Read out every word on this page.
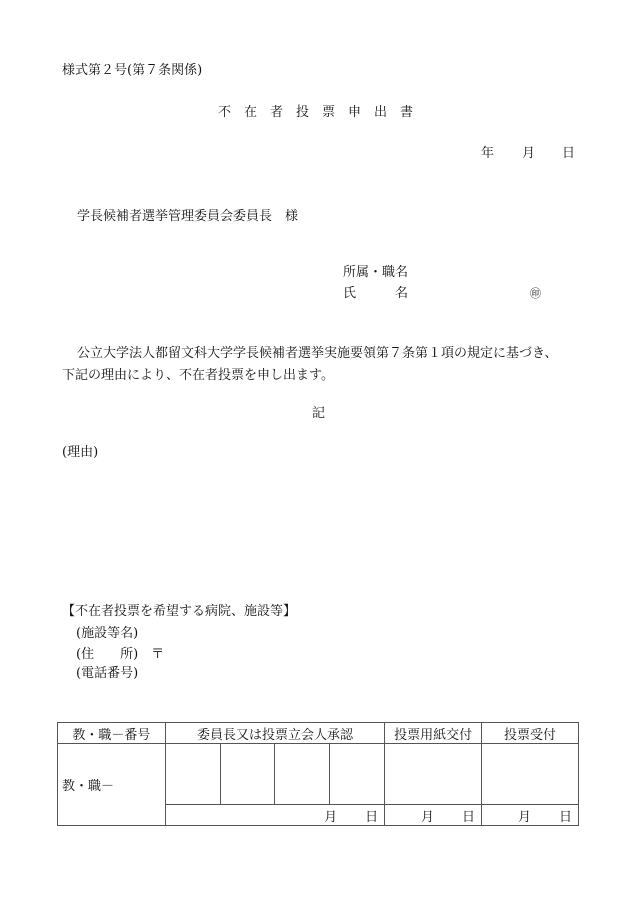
様式第２号(第７条関係)
不在者投票申出書
年 月 日
学長候補者選挙管理委員会委員長　様
所属・職名
氏　　　名	㊞
公立大学法人都留文科大学学長候補者選挙実施要領第７条第１項の規定に基づき、
下記の理由により、不在者投票を申し出ます。
記
(理由)
【不在者投票を希望する病院、施設等】
(施設等名)
(住　　所)　〒
(電話番号)
教・職－番号	委員長又は投票立会人承認				投票用紙交付	投票受付
教・職－						

	月 日				月 日	月 日
